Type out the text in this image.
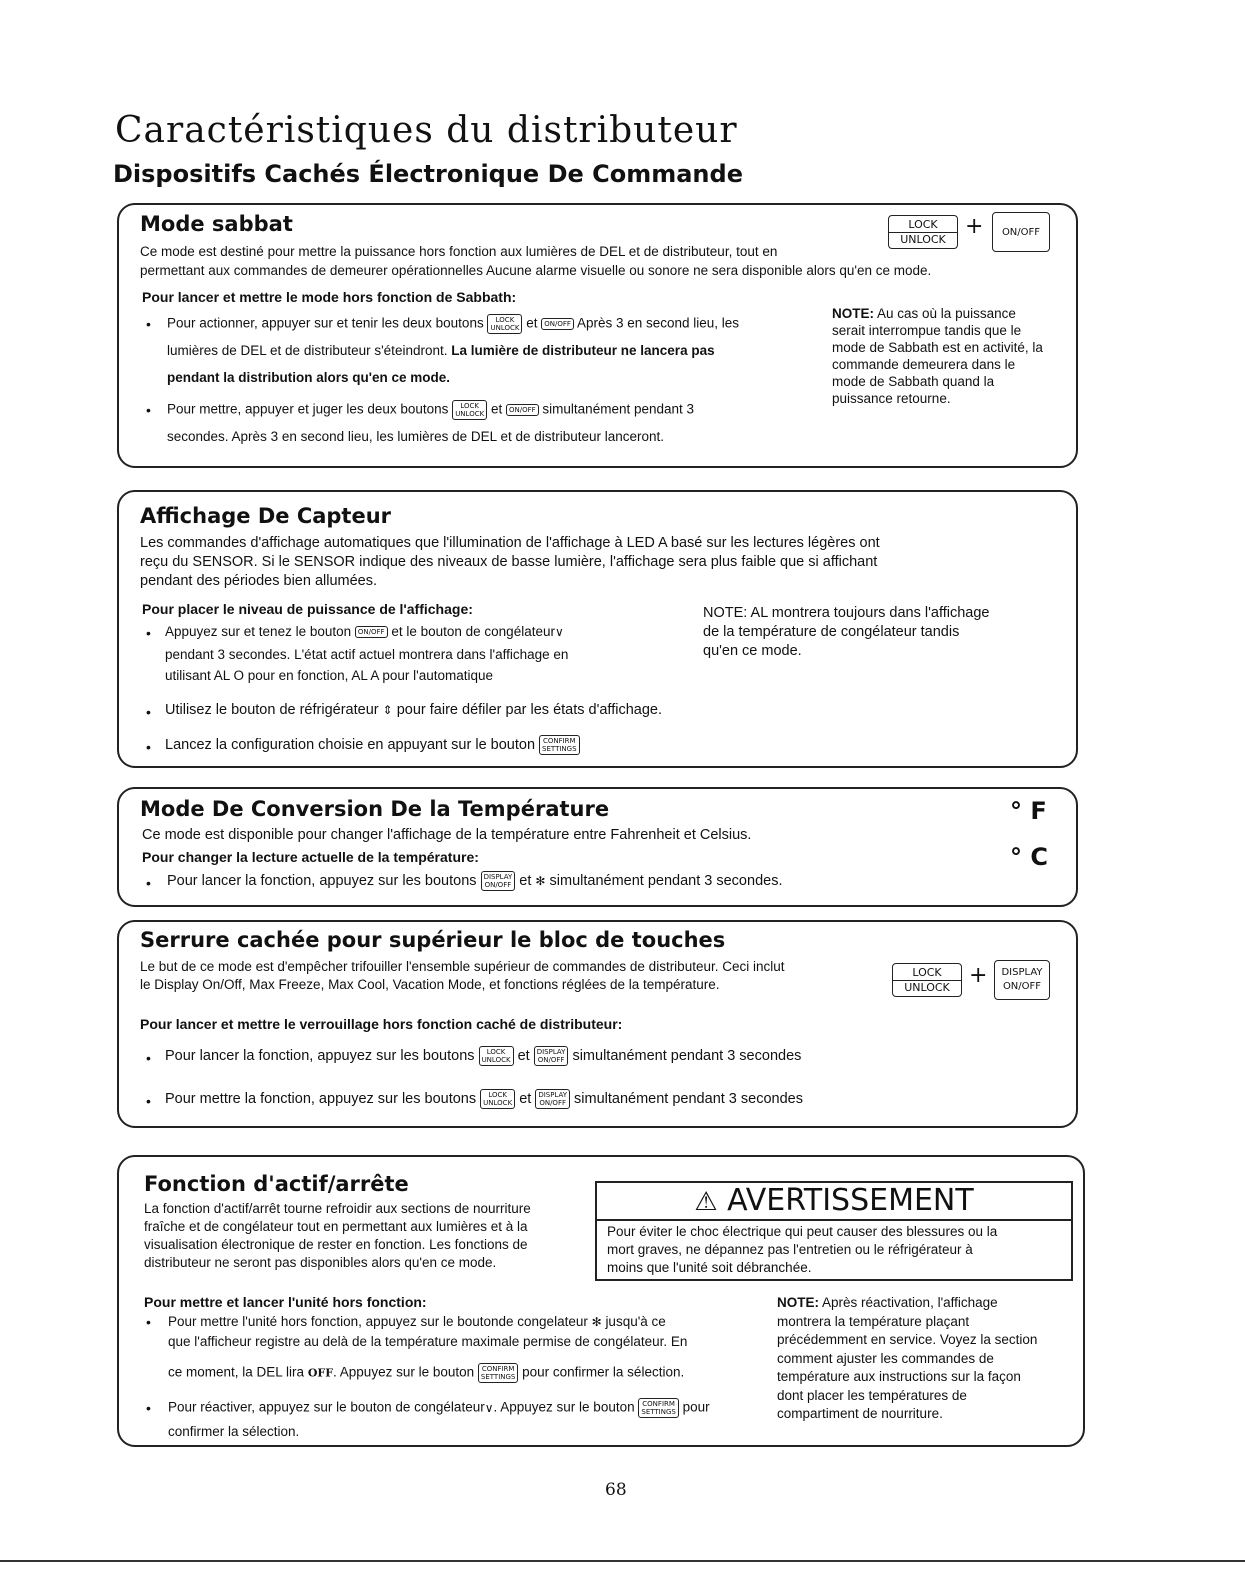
Caractéristiques du distributeur
Dispositifs Cachés Électronique De Commande
Mode sabbat	LOCK
UNLOCK
+	ON/OFF
Ce mode est destiné pour mettre la puissance hors fonction aux lumières de DEL et de distributeur, tout en
permettant aux commandes de demeurer opérationnelles Aucune alarme visuelle ou sonore ne sera disponible alors qu'en ce mode.
Pour lancer et mettre le mode hors fonction de Sabbath:
• Pour actionner, appuyer sur et tenir les deux boutons LOCK
UNLOCK et ON/OFF Après 3 en second lieu, les
lumières de DEL et de distributeur s'éteindront. La lumière de distributeur ne lancera pas
pendant la distribution alors qu'en ce mode.
• Pour mettre, appuyer et juger les deux boutons LOCK
UNLOCK et ON/OFF simultanément pendant 3
secondes. Après 3 en second lieu, les lumières de DEL et de distributeur lanceront.
NOTE: Au cas où la puissance
serait interrompue tandis que le
mode de Sabbath est en activité, la
commande demeurera dans le
mode de Sabbath quand la
puissance retourne.
Affichage De Capteur
Les commandes d'affichage automatiques que l'illumination de l'affichage à LED A basé sur les lectures légères ont
reçu du SENSOR. Si le SENSOR indique des niveaux de basse lumière, l'affichage sera plus faible que si affichant
pendant des périodes bien allumées.
Pour placer le niveau de puissance de l'affichage:
• Appuyez sur et tenez le bouton ON/OFF et le bouton de congélateur∨
pendant 3 secondes. L'état actif actuel montrera dans l'affichage en
utilisant AL O pour en fonction, AL A pour l'automatique
• Utilisez le bouton de réfrigérateur ⇕ pour faire défiler par les états d'affichage.
• Lancez la configuration choisie en appuyant sur le bouton CONFIRM
SETTINGS
NOTE: AL montrera toujours dans l'affichage
de la température de congélateur tandis
qu'en ce mode.
Mode De Conversion De la Température
Ce mode est disponible pour changer l'affichage de la température entre Fahrenheit et Celsius.
Pour changer la lecture actuelle de la température:
• Pour lancer la fonction, appuyez sur les boutons DISPLAY
ON/OFF et ✻ simultanément pendant 3 secondes.
° F
° C
Serrure cachée pour supérieur le bloc de touches
Le but de ce mode est d'empêcher trifouiller l'ensemble supérieur de commandes de distributeur. Ceci inclut
le Display On/Off, Max Freeze, Max Cool, Vacation Mode, et fonctions réglées de la température.
LOCK
UNLOCK +	DISPLAY
ON/OFF
Pour lancer et mettre le verrouillage hors fonction caché de distributeur:
• Pour lancer la fonction, appuyez sur les boutons LOCK
UNLOCK et DISPLAY
ON/OFF simultanément pendant 3 secondes
• Pour mettre la fonction, appuyez sur les boutons LOCK
UNLOCK et DISPLAY
ON/OFF simultanément pendant 3 secondes
Fonction d'actif/arrête
La fonction d'actif/arrêt tourne refroidir aux sections de nourriture
fraîche et de congélateur tout en permettant aux lumières et à la
visualisation électronique de rester en fonction. Les fonctions de
distributeur ne seront pas disponibles alors qu'en ce mode.
⚠ AVERTISSEMENT
Pour éviter le choc électrique qui peut causer des blessures ou la
mort graves, ne dépannez pas l'entretien ou le réfrigérateur à
moins que l'unité soit débranchée.
Pour mettre et lancer l'unité hors fonction:
• Pour mettre l'unité hors fonction, appuyez sur le boutonde congelateur ✻ jusqu'à ce
que l'afficheur registre au delà de la température maximale permise de congélateur. En
ce moment, la DEL lira OFF. Appuyez sur le bouton CONFIRM
SETTINGS pour confirmer la sélection.
• Pour réactiver, appuyez sur le bouton de congélateur∨. Appuyez sur le bouton CONFIRM
SETTINGS pour
confirmer la sélection.
NOTE: Après réactivation, l'affichage
montrera la température plaçant
précédemment en service. Voyez la section
comment ajuster les commandes de
température aux instructions sur la façon
dont placer les températures de
compartiment de nourriture.
68
